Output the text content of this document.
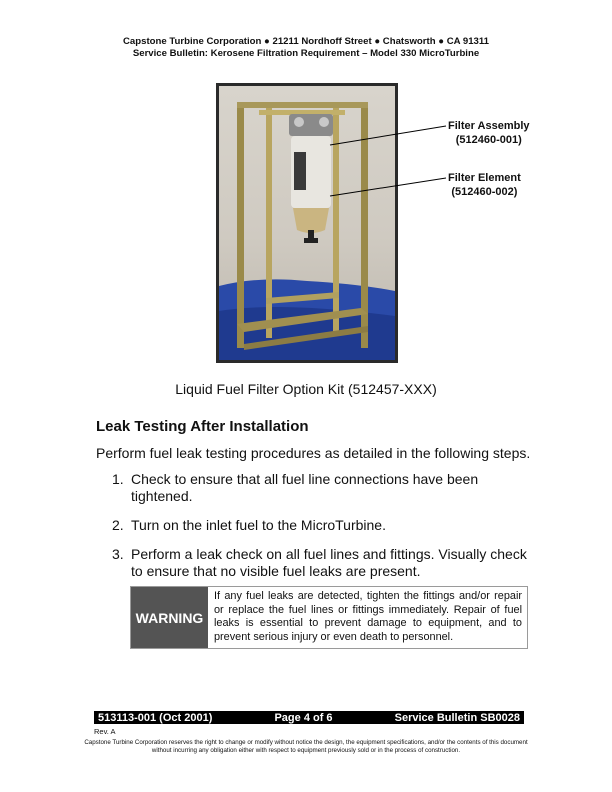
Capstone Turbine Corporation ● 21211 Nordhoff Street ● Chatsworth ● CA 91311
Service Bulletin: Kerosene Filtration Requirement – Model 330 MicroTurbine
Filter Assembly
(512460-001)
Filter Element
(512460-002)
Liquid Fuel Filter Option Kit (512457-XXX)
Leak Testing After Installation
Perform fuel leak testing procedures as detailed in the following steps.
1. Check to ensure that all fuel line connections have been tightened.
2. Turn on the inlet fuel to the MicroTurbine.
3. Perform a leak check on all fuel lines and fittings. Visually check to ensure that no visible fuel leaks are present.
WARNING
If any fuel leaks are detected, tighten the fittings and/or repair or replace the fuel lines or fittings immediately. Repair of fuel leaks is essential to prevent damage to equipment, and to prevent serious injury or even death to personnel.
513113-001 (Oct 2001)	Page 4 of 6	Service Bulletin SB0028
Rev. A
Capstone Turbine Corporation reserves the right to change or modify without notice the design, the equipment specifications, and/or the contents of this document without incurring any obligation either with respect to equipment previously sold or in the process of construction.
